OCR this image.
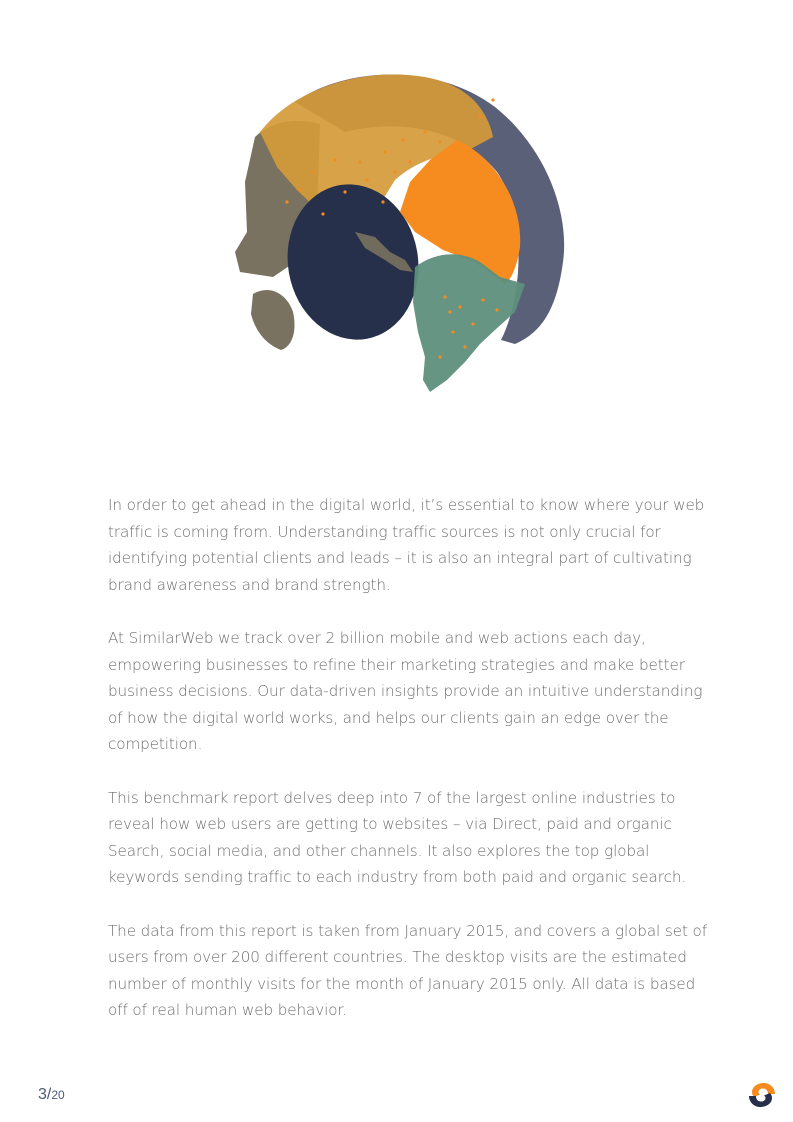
In order to get ahead in the digital world, it’s essential to know where your web traffic is coming from. Understanding traffic sources is not only crucial for identifying potential clients and leads – it is also an integral part of cultivating brand awareness and brand strength.

At SimilarWeb we track over 2 billion mobile and web actions each day, empowering businesses to refine their marketing strategies and make better business decisions. Our data-driven insights provide an intuitive understanding of how the digital world works, and helps our clients gain an edge over the competition.

This benchmark report delves deep into 7 of the largest online industries to reveal how web users are getting to websites – via Direct, paid and organic Search, social media, and other channels. It also explores the top global keywords sending traffic to each industry from both paid and organic search.

The data from this report is taken from January 2015, and covers a global set of users from over 200 different countries. The desktop visits are the estimated number of monthly visits for the month of January 2015 only. All data is based off of real human web behavior.

3/20
